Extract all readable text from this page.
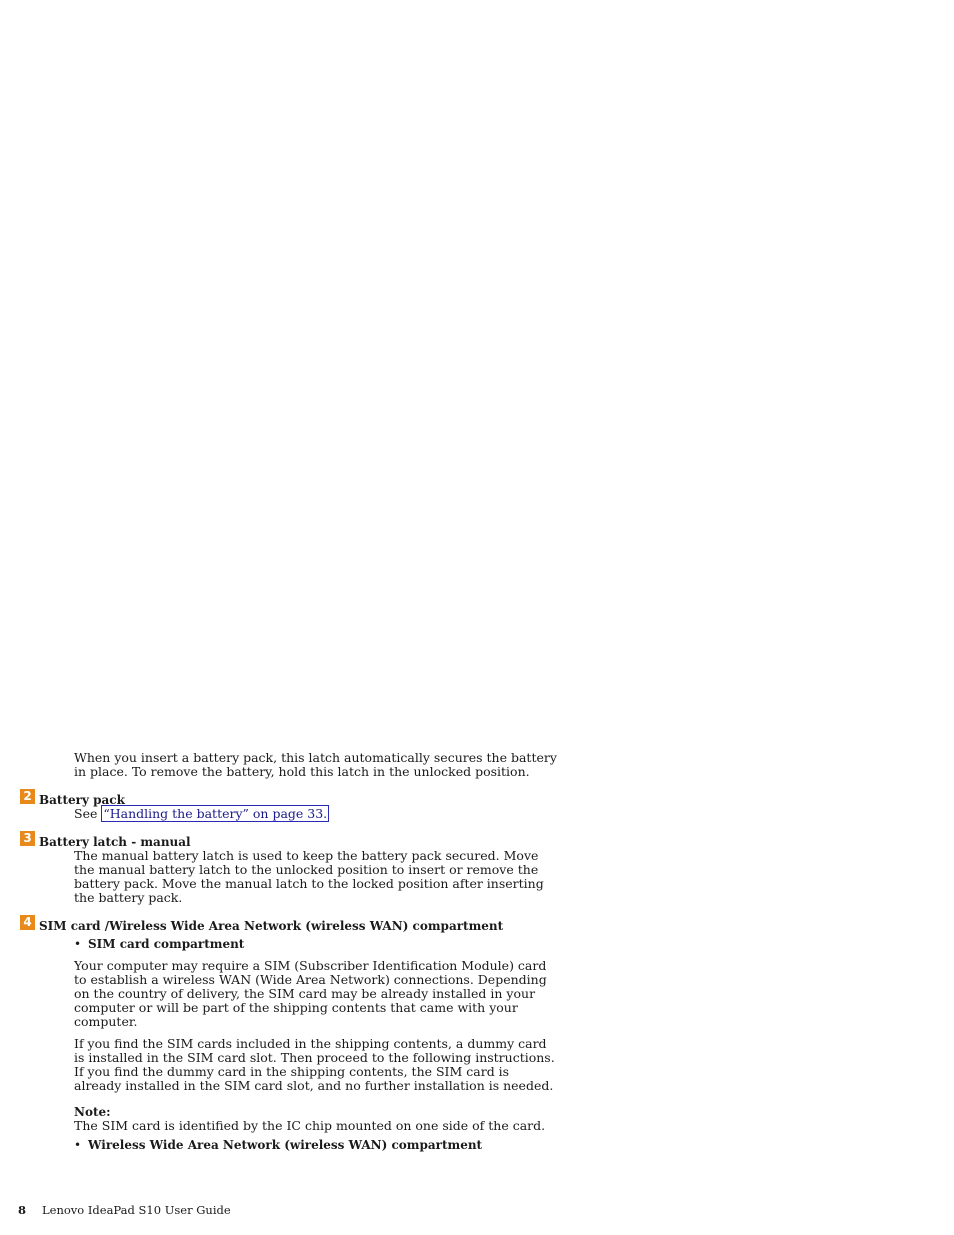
When you insert a battery pack, this latch automatically secures the battery
in place. To remove the battery, hold this latch in the unlocked position.

2 Battery pack

See “Handling the battery” on page 33.

3 Battery latch - manual

The manual battery latch is used to keep the battery pack secured. Move
the manual battery latch to the unlocked position to insert or remove the
battery pack. Move the manual latch to the locked position after inserting
the battery pack.

4 SIM card /Wireless Wide Area Network (wireless WAN) compartment
• SIM card compartment

Your computer may require a SIM (Subscriber Identification Module) card
to establish a wireless WAN (Wide Area Network) connections. Depending
on the country of delivery, the SIM card may be already installed in your
computer or will be part of the shipping contents that came with your
computer.

If you find the SIM cards included in the shipping contents, a dummy card
is installed in the SIM card slot. Then proceed to the following instructions.
If you find the dummy card in the shipping contents, the SIM card is
already installed in the SIM card slot, and no further installation is needed.

Note:
The SIM card is identified by the IC chip mounted on one side of the card.

• Wireless Wide Area Network (wireless WAN) compartment
8 Lenovo IdeaPad S10 User Guide
